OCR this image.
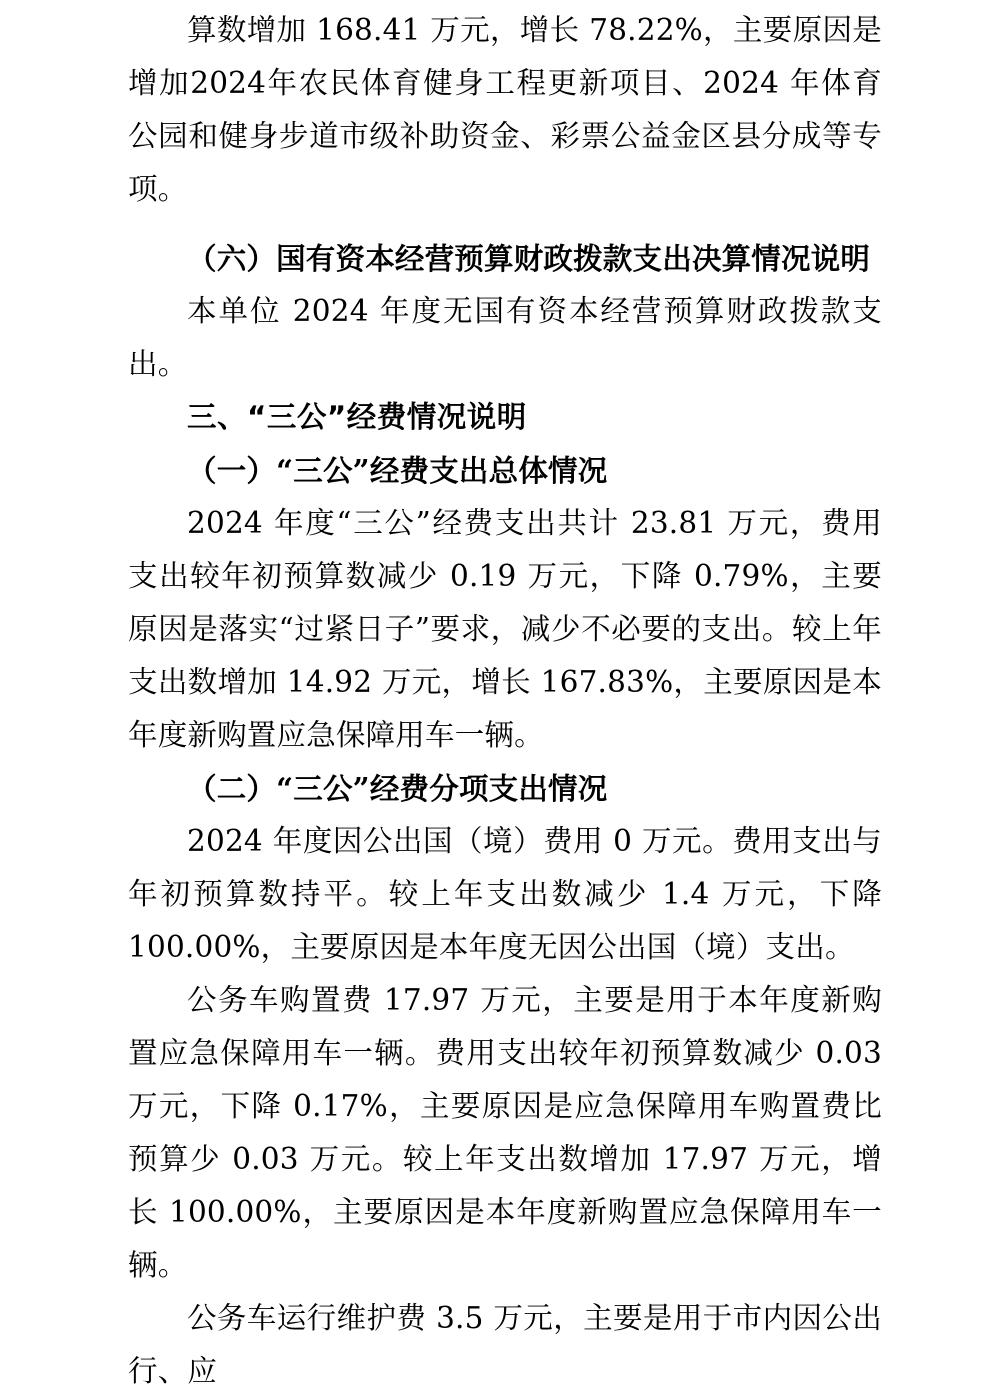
算数增加 168.41 万元，增长 78.22%，主要原因是增加2024年农民体育健身工程更新项目、2024 年体育公园和健身步道市级补助资金、彩票公益金区县分成等专项。

（六）国有资本经营预算财政拨款支出决算情况说明

本单位 2024 年度无国有资本经营预算财政拨款支出。

三、“三公”经费情况说明

（一）“三公”经费支出总体情况

2024 年度“三公”经费支出共计 23.81 万元，费用支出较年初预算数减少 0.19 万元，下降 0.79%，主要原因是落实“过紧日子”要求，减少不必要的支出。较上年支出数增加 14.92 万元，增长 167.83%，主要原因是本年度新购置应急保障用车一辆。

（二）“三公”经费分项支出情况

2024 年度因公出国（境）费用 0 万元。费用支出与年初预算数持平。较上年支出数减少 1.4 万元，下降 100.00%，主要原因是本年度无因公出国（境）支出。

公务车购置费 17.97 万元，主要是用于本年度新购置应急保障用车一辆。费用支出较年初预算数减少 0.03 万元，下降 0.17%，主要原因是应急保障用车购置费比预算少 0.03 万元。较上年支出数增加 17.97 万元，增长 100.00%，主要原因是本年度新购置应急保障用车一辆。

公务车运行维护费 3.5 万元，主要是用于市内因公出行、应
